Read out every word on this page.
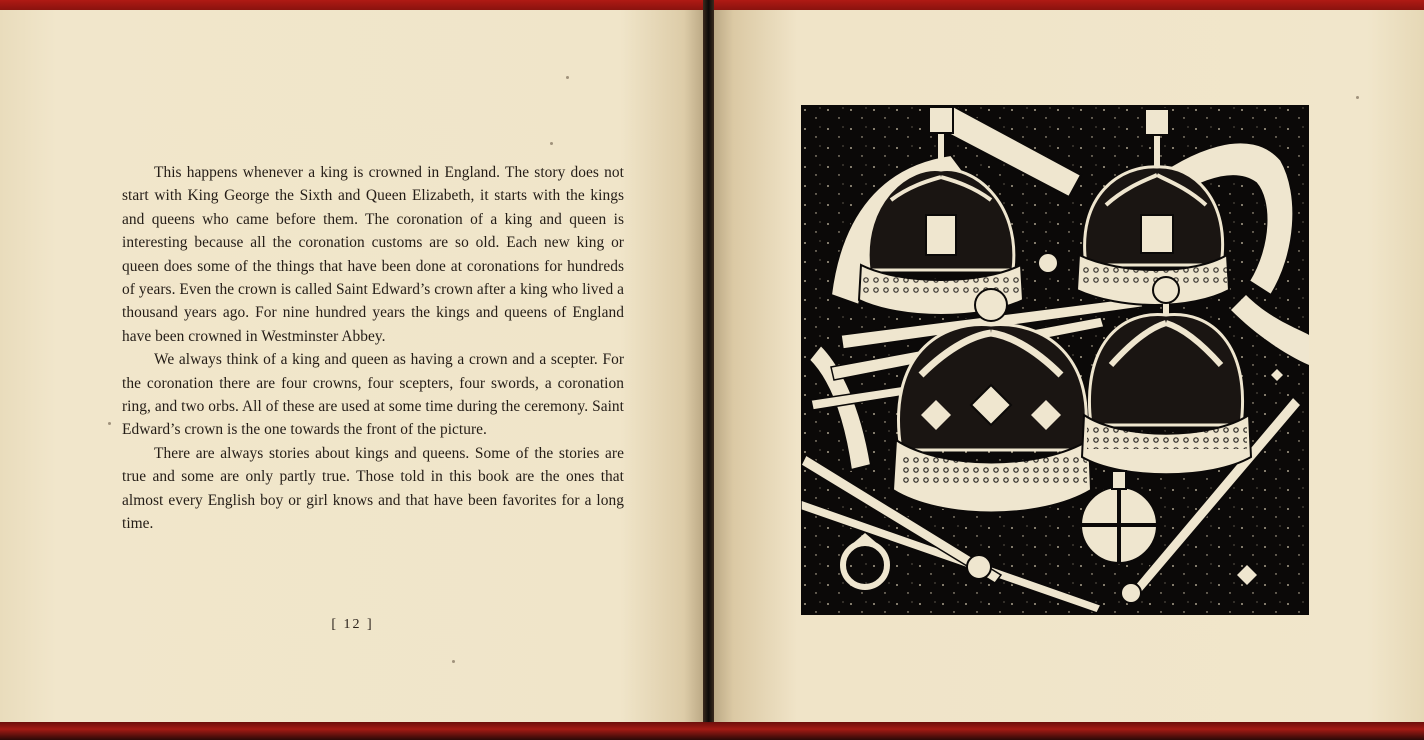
This happens whenever a king is crowned in England. The story does not start with King George the Sixth and Queen Elizabeth, it starts with the kings and queens who came before them. The coronation of a king and queen is interesting because all the coronation customs are so old. Each new king or queen does some of the things that have been done at coronations for hundreds of years. Even the crown is called Saint Edward’s crown after a king who lived a thousand years ago. For nine hundred years the kings and queens of England have been crowned in Westminster Abbey.

We always think of a king and queen as having a crown and a scepter. For the coronation there are four crowns, four scepters, four swords, a coronation ring, and two orbs. All of these are used at some time during the ceremony. Saint Edward’s crown is the one towards the front of the picture.

There are always stories about kings and queens. Some of the stories are true and some are only partly true. Those told in this book are the ones that almost every English boy or girl knows and that have been favorites for a long time.

[ 12 ]
